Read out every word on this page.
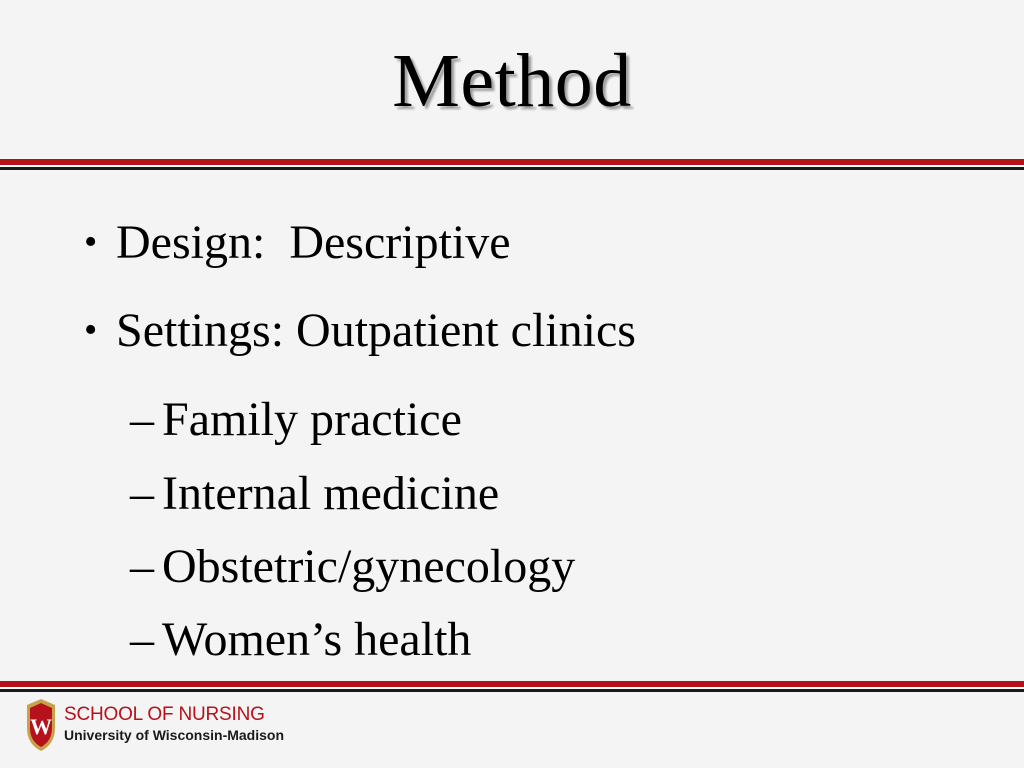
Method
• Design:  Descriptive
• Settings: Outpatient clinics
– Family practice
– Internal medicine
– Obstetric/gynecology
– Women’s health
W SCHOOL OF NURSING
University of Wisconsin-Madison
